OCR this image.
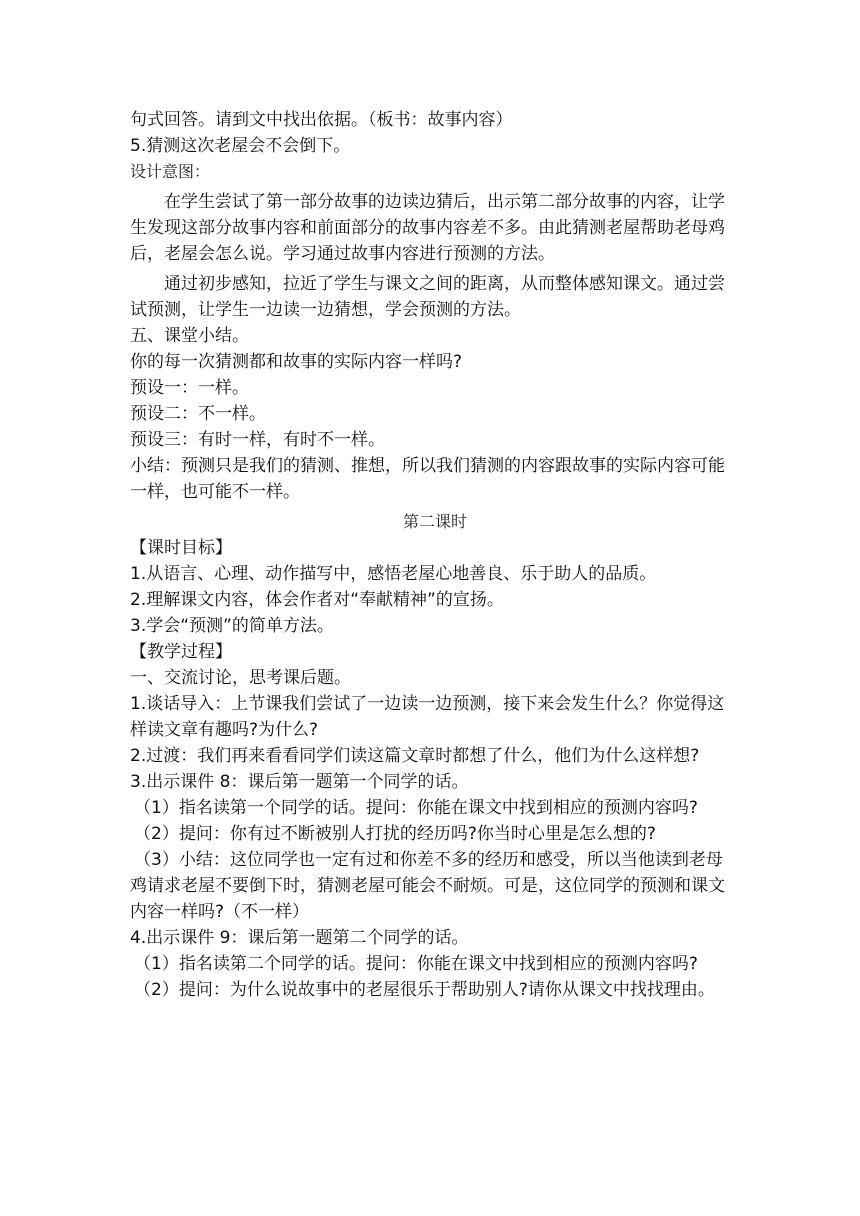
句式回答。请到文中找出依据。（板书：故事内容）
5.猜测这次老屋会不会倒下。
设计意图：
在学生尝试了第一部分故事的边读边猜后，出示第二部分故事的内容，让学
生发现这部分故事内容和前面部分的故事内容差不多。由此猜测老屋帮助老母鸡
后，老屋会怎么说。学习通过故事内容进行预测的方法。
通过初步感知，拉近了学生与课文之间的距离，从而整体感知课文。通过尝
试预测，让学生一边读一边猜想，学会预测的方法。
五、课堂小结。
你的每一次猜测都和故事的实际内容一样吗?
预设一：一样。
预设二：不一样。
预设三：有时一样，有时不一样。
小结：预测只是我们的猜测、推想，所以我们猜测的内容跟故事的实际内容可能
一样，也可能不一样。
第二课时
【课时目标】
1.从语言、心理、动作描写中，感悟老屋心地善良、乐于助人的品质。
2.理解课文内容，体会作者对“奉献精神”的宣扬。
3.学会“预测”的简单方法。
【教学过程】
一、交流讨论，思考课后题。
1.谈话导入：上节课我们尝试了一边读一边预测，接下来会发生什么？你觉得这
样读文章有趣吗?为什么?
2.过渡：我们再来看看同学们读这篇文章时都想了什么，他们为什么这样想?
3.出示课件 8：课后第一题第一个同学的话。
（1）指名读第一个同学的话。提问：你能在课文中找到相应的预测内容吗?
（2）提问：你有过不断被别人打扰的经历吗?你当时心里是怎么想的?
（3）小结：这位同学也一定有过和你差不多的经历和感受，所以当他读到老母
鸡请求老屋不要倒下时，猜测老屋可能会不耐烦。可是，这位同学的预测和课文
内容一样吗?（不一样）
4.出示课件 9：课后第一题第二个同学的话。
（1）指名读第二个同学的话。提问：你能在课文中找到相应的预测内容吗?
（2）提问：为什么说故事中的老屋很乐于帮助别人?请你从课文中找找理由。
